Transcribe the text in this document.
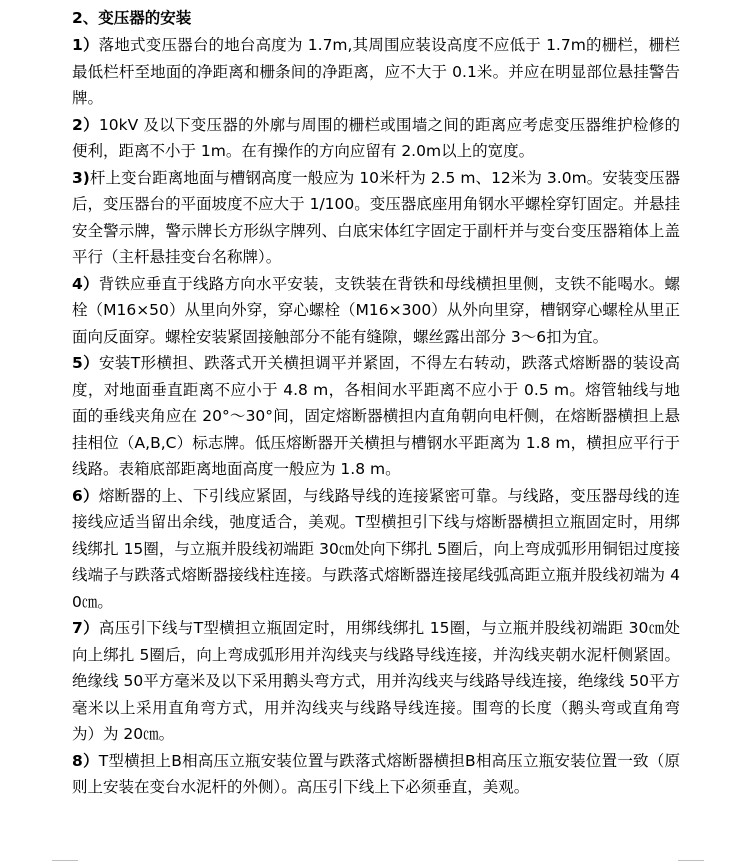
2、变压器的安装

1）落地式变压器台的地台高度为 1.7m,其周围应装设高度不应低于 1.7m的栅栏，栅栏最低栏杆至地面的净距离和栅条间的净距离，应不大于 0.1米。并应在明显部位悬挂警告牌。

2）10kV 及以下变压器的外廓与周围的栅栏或围墙之间的距离应考虑变压器维护检修的便利，距离不小于 1m。在有操作的方向应留有 2.0m以上的宽度。

3)杆上变台距离地面与槽钢高度一般应为 10米杆为 2.5 m、12米为 3.0m。安装变压器后，变压器台的平面坡度不应大于 1/100。变压器底座用角钢水平螺栓穿钉固定。并悬挂安全警示牌，警示牌长方形纵字牌列、白底宋体红字固定于副杆并与变台变压器箱体上盖平行（主杆悬挂变台名称牌）。

4）背铁应垂直于线路方向水平安装，支铁装在背铁和母线横担里侧，支铁不能喝水。螺栓（M16×50）从里向外穿，穿心螺栓（M16×300）从外向里穿，槽钢穿心螺栓从里正面向反面穿。螺栓安装紧固接触部分不能有缝隙，螺丝露出部分 3～6扣为宜。

5）安装T形横担、跌落式开关横担调平并紧固，不得左右转动，跌落式熔断器的装设高度，对地面垂直距离不应小于 4.8 m，各相间水平距离不应小于 0.5 m。熔管轴线与地面的垂线夹角应在 20°～30°间，固定熔断器横担内直角朝向电杆侧，在熔断器横担上悬挂相位（A,B,C）标志牌。低压熔断器开关横担与槽钢水平距离为 1.8 m，横担应平行于线路。表箱底部距离地面高度一般应为 1.8 m。

6）熔断器的上、下引线应紧固，与线路导线的连接紧密可靠。与线路，变压器母线的连接线应适当留出余线，弛度适合，美观。T型横担引下线与熔断器横担立瓶固定时，用绑线绑扎 15圈，与立瓶并股线初端距 30㎝处向下绑扎 5圈后，向上弯成弧形用铜铝过度接线端子与跌落式熔断器接线柱连接。与跌落式熔断器连接尾线弧高距立瓶并股线初端为 40㎝。

7）高压引下线与T型横担立瓶固定时，用绑线绑扎 15圈，与立瓶并股线初端距 30㎝处向上绑扎 5圈后，向上弯成弧形用并沟线夹与线路导线连接，并沟线夹朝水泥杆侧紧固。绝缘线 50平方毫米及以下采用鹅头弯方式，用并沟线夹与线路导线连接，绝缘线 50平方毫米以上采用直角弯方式，用并沟线夹与线路导线连接。围弯的长度（鹅头弯或直角弯为）为 20㎝。

8）T型横担上B相高压立瓶安装位置与跌落式熔断器横担B相高压立瓶安装位置一致（原则上安装在变台水泥杆的外侧）。高压引下线上下必须垂直，美观。
